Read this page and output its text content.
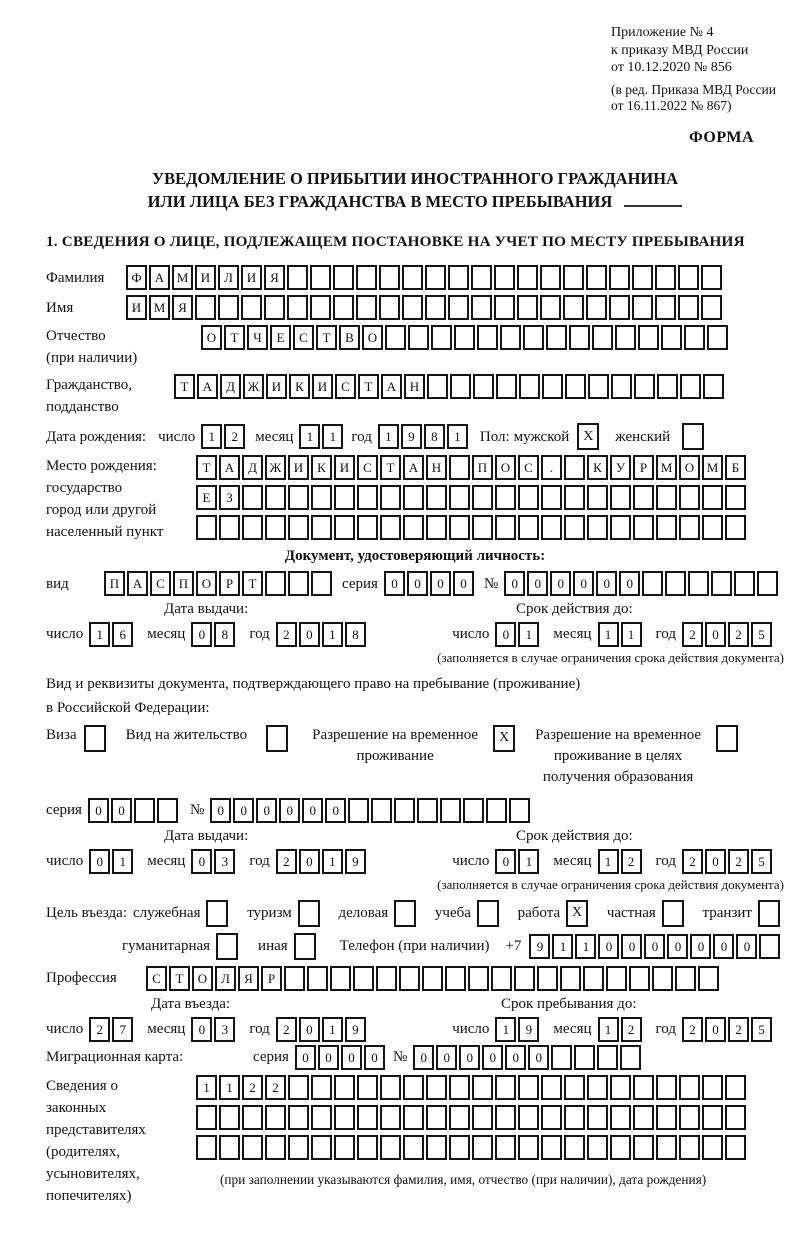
Приложение № 4
к приказу МВД России
от 10.12.2020 № 856
(в ред. Приказа МВД России
от 16.11.2022 № 867)
ФОРМА
УВЕДОМЛЕНИЕ О ПРИБЫТИИ ИНОСТРАННОГО ГРАЖДАНИНА
ИЛИ ЛИЦА БЕЗ ГРАЖДАНСТВА В МЕСТО ПРЕБЫВАНИЯ
1. СВЕДЕНИЯ О ЛИЦЕ, ПОДЛЕЖАЩЕМ ПОСТАНОВКЕ НА УЧЕТ ПО МЕСТУ ПРЕБЫВАНИЯ
Фамилия	Ф	А М И	Л	И	Я
Имя	И М Я
Отчество
(при наличии)
О	Т	Ч	Е	С	Т	В	О
Гражданство,
подданство
Т	А	Д Ж И	К	И	С	Т	А	Н
Дата рождения: число	1	2	месяц	1	1	год	1	9	8	1	Пол: мужской X	женский
Место рождения:
государство
город или другой
населенный пункт
Т	А	Д Ж И	К	И	С	Т	А	Н	П	О	С	.	К	У	Р	М О М	Б
Е	З
Документ, удостоверяющий личность:
вид	П	А	С	П	О	Р	Т	серия	0	0	0	0	№	0	0	0	0	0	0
Дата выдачи:	Срок действия до:
число	1	6	месяц	0	8	год	2	0	1	8	число	0	1	месяц	1	1	год	2	0	2	5
(заполняется в случае ограничения срока действия документа)
Вид и реквизиты документа, подтверждающего право на пребывание (проживание)
в Российской Федерации:
Виза	Вид на жительство	Разрешение на временное
проживание
X	Разрешение на временное
проживание в целях
получения образования
серия	0	0	№	0	0	0	0	0	0
Дата выдачи:	Срок действия до:
число	0	1	месяц	0	3	год	2	0	1	9	число	0	1	месяц	1	2	год	2	0	2	5
(заполняется в случае ограничения срока действия документа)
Цель въезда: служебная	туризм	деловая	учеба	работа X	частная	транзит
гуманитарная	иная	Телефон (при наличии) +7	9	1	1	0	0	0	0	0	0	0
Профессия	С	Т	О	Л	Я	Р
Дата въезда:	Срок пребывания до:
число	2	7	месяц	0	3	год	2	0	1	9	число	1	9	месяц	1	2	год	2	0	2	5
Миграционная карта:	серия	0	0	0	0	№	0	0	0	0	0	0
Сведения о
законных
представителях
(родителях,
усыновителях,
попечителях)
1	1	2	2
(при заполнении указываются фамилия, имя, отчество (при наличии), дата рождения)
